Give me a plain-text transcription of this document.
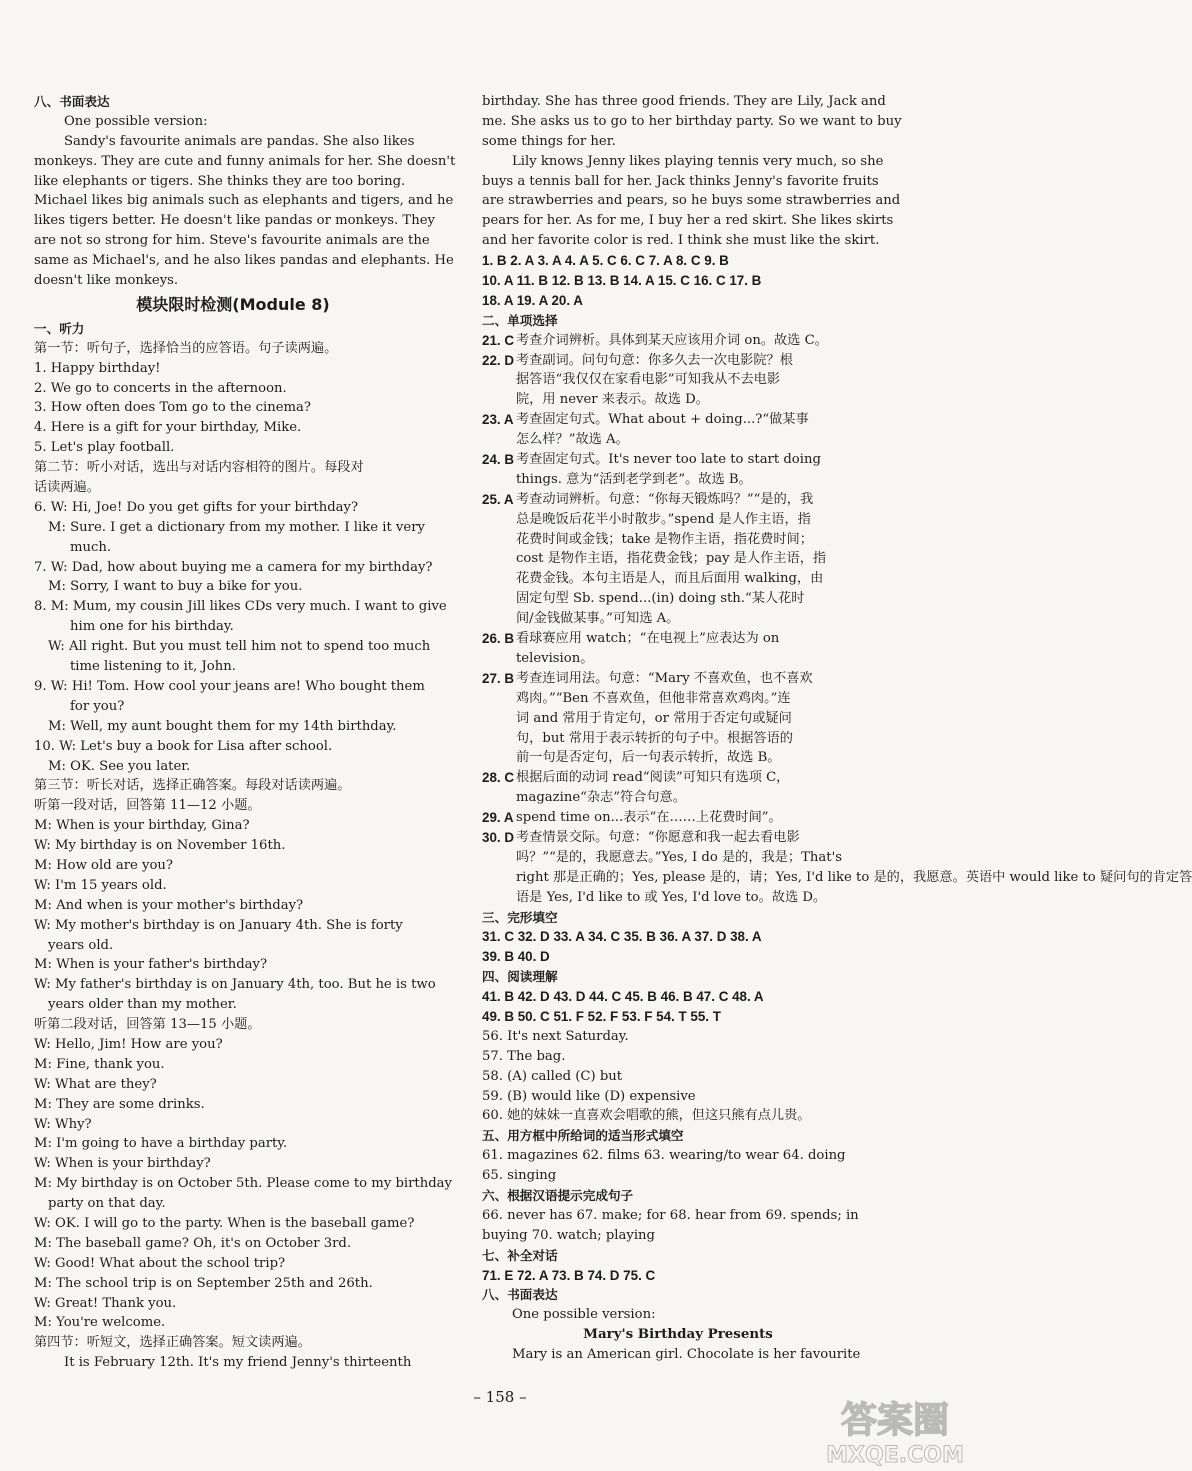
八、书面表达
One possible version:
Sandy's favourite animals are pandas. She also likes
monkeys. They are cute and funny animals for her. She doesn't
like elephants or tigers. She thinks they are too boring.
Michael likes big animals such as elephants and tigers, and he
likes tigers better. He doesn't like pandas or monkeys. They
are not so strong for him. Steve's favourite animals are the
same as Michael's, and he also likes pandas and elephants. He
doesn't like monkeys.
模块限时检测(Module 8)
一、听力
第一节：听句子，选择恰当的应答语。句子读两遍。
1. Happy birthday!
2. We go to concerts in the afternoon.
3. How often does Tom go to the cinema?
4. Here is a gift for your birthday, Mike.
5. Let's play football.
第二节：听小对话，选出与对话内容相符的图片。每段对
话读两遍。
6. W: Hi, Joe! Do you get gifts for your birthday?
M: Sure. I get a dictionary from my mother. I like it very
much.
7. W: Dad, how about buying me a camera for my birthday?
M: Sorry, I want to buy a bike for you.
8. M: Mum, my cousin Jill likes CDs very much. I want to give
him one for his birthday.
W: All right. But you must tell him not to spend too much
time listening to it, John.
9. W: Hi! Tom. How cool your jeans are! Who bought them
for you?
M: Well, my aunt bought them for my 14th birthday.
10. W: Let's buy a book for Lisa after school.
M: OK. See you later.
第三节：听长对话，选择正确答案。每段对话读两遍。
听第一段对话，回答第 11—12 小题。
M: When is your birthday, Gina?
W: My birthday is on November 16th.
M: How old are you?
W: I'm 15 years old.
M: And when is your mother's birthday?
W: My mother's birthday is on January 4th. She is forty
years old.
M: When is your father's birthday?
W: My father's birthday is on January 4th, too. But he is two
years older than my mother.
听第二段对话，回答第 13—15 小题。
W: Hello, Jim! How are you?
M: Fine, thank you.
W: What are they?
M: They are some drinks.
W: Why?
M: I'm going to have a birthday party.
W: When is your birthday?
M: My birthday is on October 5th. Please come to my birthday
party on that day.
W: OK. I will go to the party. When is the baseball game?
M: The baseball game? Oh, it's on October 3rd.
W: Good! What about the school trip?
M: The school trip is on September 25th and 26th.
W: Great! Thank you.
M: You're welcome.
第四节：听短文，选择正确答案。短文读两遍。
It is February 12th. It's my friend Jenny's thirteenth
birthday. She has three good friends. They are Lily, Jack and
me. She asks us to go to her birthday party. So we want to buy
some things for her.
Lily knows Jenny likes playing tennis very much, so she
buys a tennis ball for her. Jack thinks Jenny's favorite fruits
are strawberries and pears, so he buys some strawberries and
pears for her. As for me, I buy her a red skirt. She likes skirts
and her favorite color is red. I think she must like the skirt.
1. B 2. A 3. A 4. A 5. C 6. C 7. A 8. C 9. B
10. A 11. B 12. B 13. B 14. A 15. C 16. C 17. B
18. A 19. A 20. A
二、单项选择
21. C 考查介词辨析。具体到某天应该用介词 on。故选 C。
22. D 考查副词。问句句意：你多久去一次电影院？根
据答语“我仅仅在家看电影”可知我从不去电影
院，用 never 来表示。故选 D。
23. A 考查固定句式。What about + doing...?“做某事
怎么样？”故选 A。
24. B 考查固定句式。It's never too late to start doing
things. 意为“活到老学到老”。故选 B。
25. A 考查动词辨析。句意：“你每天锻炼吗？”“是的，我
总是晚饭后花半小时散步。”spend 是人作主语，指
花费时间或金钱；take 是物作主语，指花费时间；
cost 是物作主语，指花费金钱；pay 是人作主语，指
花费金钱。本句主语是人，而且后面用 walking，由
固定句型 Sb. spend...(in) doing sth.“某人花时
间/金钱做某事。”可知选 A。
26. B 看球赛应用 watch；“在电视上”应表达为 on
television。
27. B 考查连词用法。句意：“Mary 不喜欢鱼，也不喜欢
鸡肉。”“Ben 不喜欢鱼，但他非常喜欢鸡肉。”连
词 and 常用于肯定句，or 常用于否定句或疑问
句，but 常用于表示转折的句子中。根据答语的
前一句是否定句，后一句表示转折，故选 B。
28. C 根据后面的动词 read“阅读”可知只有选项 C，
magazine“杂志”符合句意。
29. A spend time on...表示“在……上花费时间”。
30. D 考查情景交际。句意：“你愿意和我一起去看电影
吗？”“是的，我愿意去。”Yes, I do 是的，我是；That's
right 那是正确的；Yes, please 是的，请；Yes, I'd like to 是的，我愿意。英语中 would like to 疑问句的肯定答
语是 Yes, I'd like to 或 Yes, I'd love to。故选 D。
三、完形填空
31. C 32. D 33. A 34. C 35. B 36. A 37. D 38. A
39. B 40. D
四、阅读理解
41. B 42. D 43. D 44. C 45. B 46. B 47. C 48. A
49. B 50. C 51. F 52. F 53. F 54. T 55. T
56. It's next Saturday.
57. The bag.
58. (A) called (C) but
59. (B) would like (D) expensive
60. 她的妹妹一直喜欢会唱歌的熊，但这只熊有点儿贵。
五、用方框中所给词的适当形式填空
61. magazines 62. films 63. wearing/to wear 64. doing
65. singing
六、根据汉语提示完成句子
66. never has 67. make; for 68. hear from 69. spends; in
buying 70. watch; playing
七、补全对话
71. E 72. A 73. B 74. D 75. C
八、书面表达
One possible version:
Mary's Birthday Presents
Mary is an American girl. Chocolate is her favourite
– 158 –
答案圈
MXQE.COM
